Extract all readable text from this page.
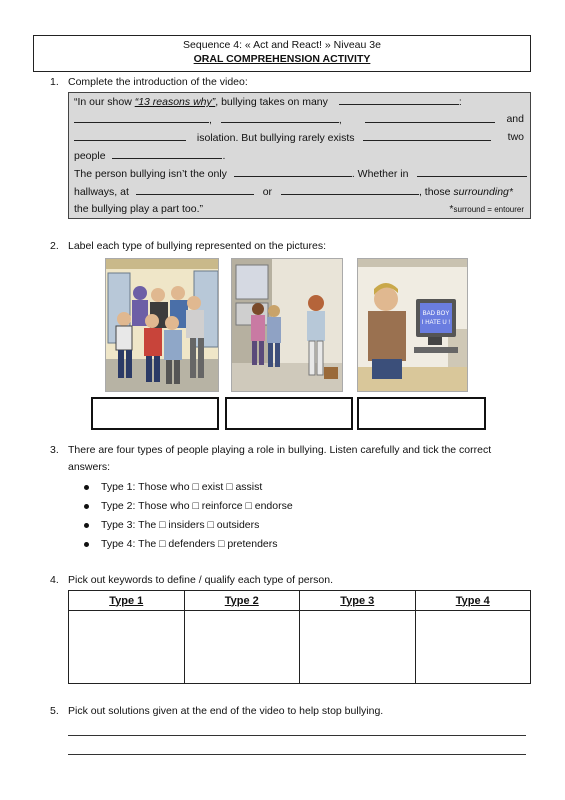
Sequence 4: « Act and React! » Niveau 3e
ORAL COMPREHENSION ACTIVITY
1. Complete the introduction of the video:
“In our show “13 reasons why”, bullying takes on many	:
,	,	and
isolation. But bullying rarely exists	two
people	.
The person bullying isn’t the only	. Whether in
hallways, at	or	, those surrounding*
the bullying play a part too.”	*surround = entourer
2. Label each type of bullying represented on the pictures:
BAD BOY
I HATE U !
3. There are four types of people playing a role in bullying. Listen carefully and tick the correct
answers:
Type 1: Those who □ exist □ assist
Type 2: Those who □ reinforce □ endorse
Type 3: The □ insiders □ outsiders
Type 4: The □ defenders □ pretenders
4. Pick out keywords to define / qualify each type of person.
Type 1	Type 2	Type 3	Type 4

5. Pick out solutions given at the end of the video to help stop bullying.
